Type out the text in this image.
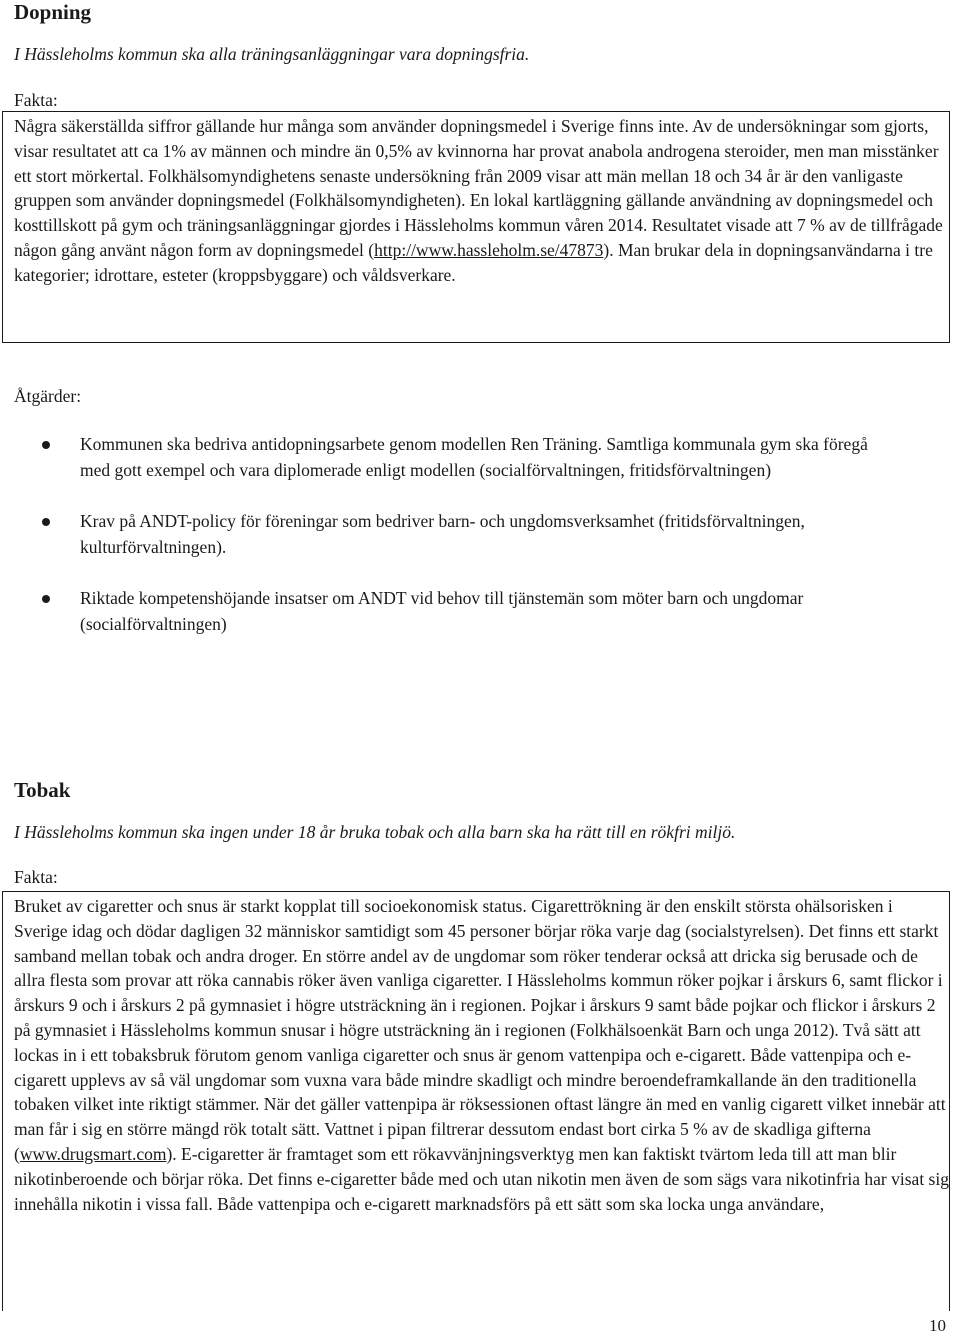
Dopning

I Hässleholms kommun ska alla träningsanläggningar vara dopningsfria.

Fakta:

Några säkerställda siffror gällande hur många som använder dopningsmedel i Sverige finns inte. Av de undersökningar som gjorts, visar resultatet att ca 1% av männen och mindre än 0,5% av kvinnorna har provat anabola androgena steroider, men man misstänker ett stort mörkertal. Folkhälsomyndighetens senaste undersökning från 2009 visar att män mellan 18 och 34 år är den vanligaste gruppen som använder dopningsmedel (Folkhälsomyndigheten). En lokal kartläggning gällande användning av dopningsmedel och kosttillskott på gym och träningsanläggningar gjordes i Hässleholms kommun våren 2014. Resultatet visade att 7 % av de tillfrågade någon gång använt någon form av dopningsmedel (http://www.hassleholm.se/47873). Man brukar dela in dopningsanvändarna i tre kategorier; idrottare, esteter (kroppsbyggare) och våldsverkare.

Åtgärder:

Kommunen ska bedriva antidopningsarbete genom modellen Ren Träning. Samtliga kommunala gym ska föregå med gott exempel och vara diplomerade enligt modellen (socialförvaltningen, fritidsförvaltningen)
Krav på ANDT-policy för föreningar som bedriver barn- och ungdomsverksamhet (fritidsförvaltningen, kulturförvaltningen).
Riktade kompetenshöjande insatser om ANDT vid behov till tjänstemän som möter barn och ungdomar (socialförvaltningen)
Tobak

I Hässleholms kommun ska ingen under 18 år bruka tobak och alla barn ska ha rätt till en rökfri miljö.

Fakta:

Bruket av cigaretter och snus är starkt kopplat till socioekonomisk status. Cigarettrökning är den enskilt största ohälsorisken i Sverige idag och dödar dagligen 32 människor samtidigt som 45 personer börjar röka varje dag (socialstyrelsen). Det finns ett starkt samband mellan tobak och andra droger. En större andel av de ungdomar som röker tenderar också att dricka sig berusade och de allra flesta som provar att röka cannabis röker även vanliga cigaretter. I Hässleholms kommun röker pojkar i årskurs 6, samt flickor i årskurs 9 och i årskurs 2 på gymnasiet i högre utsträckning än i regionen. Pojkar i årskurs 9 samt både pojkar och flickor i årskurs 2 på gymnasiet i Hässleholms kommun snusar i högre utsträckning än i regionen (Folkhälsoenkät Barn och unga 2012). Två sätt att lockas in i ett tobaksbruk förutom genom vanliga cigaretter och snus är genom vattenpipa och e-cigarett. Både vattenpipa och e-cigarett upplevs av så väl ungdomar som vuxna vara både mindre skadligt och mindre beroendeframkallande än den traditionella tobaken vilket inte riktigt stämmer. När det gäller vattenpipa är röksessionen oftast längre än med en vanlig cigarett vilket innebär att man får i sig en större mängd rök totalt sätt. Vattnet i pipan filtrerar dessutom endast bort cirka 5 % av de skadliga gifterna (www.drugsmart.com). E-cigaretter är framtaget som ett rökavvänjningsverktyg men kan faktiskt tvärtom leda till att man blir nikotinberoende och börjar röka. Det finns e-cigaretter både med och utan nikotin men även de som sägs vara nikotinfria har visat sig innehålla nikotin i vissa fall. Både vattenpipa och e-cigarett marknadsförs på ett sätt som ska locka unga användare,

10
